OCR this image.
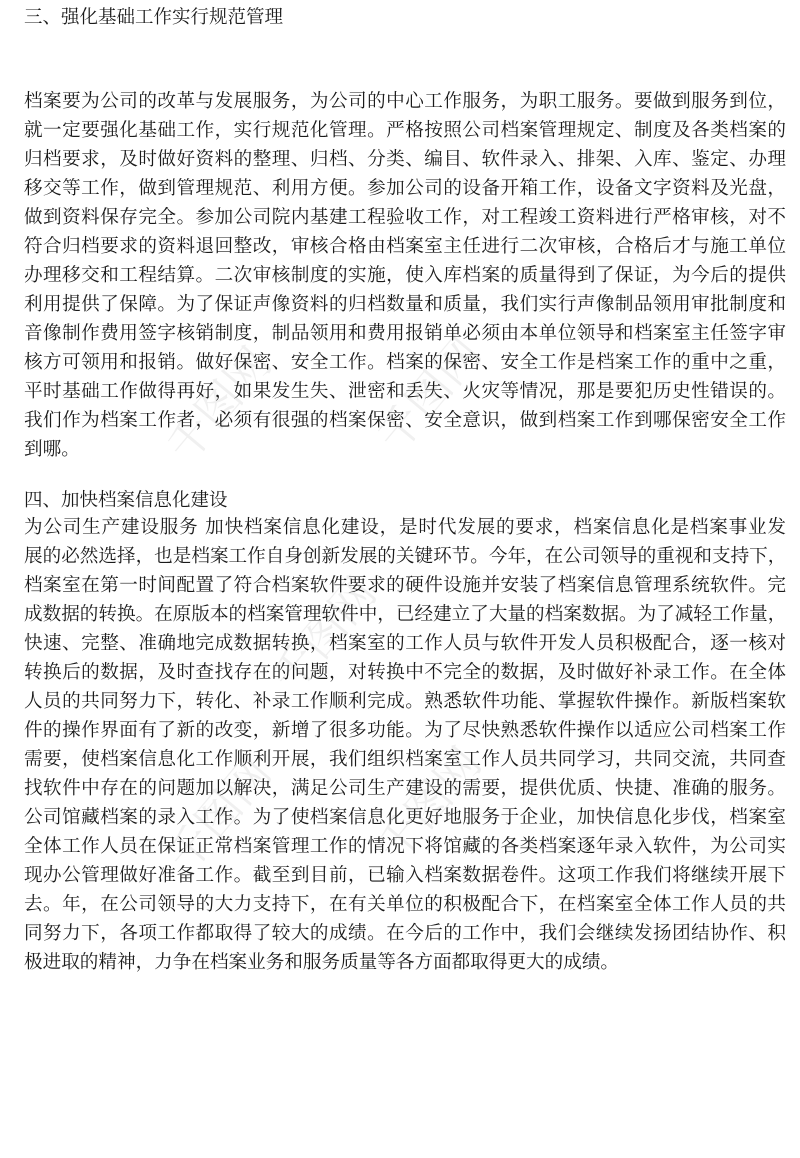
千图网 千图网
千图网
千图网 千图网
三、强化基础工作实行规范管理
档案要为公司的改革与发展服务，为公司的中心工作服务，为职工服务。要做到服务到位，
就一定要强化基础工作，实行规范化管理。严格按照公司档案管理规定、制度及各类档案的
归档要求，及时做好资料的整理、归档、分类、编目、软件录入、排架、入库、鉴定、办理
移交等工作，做到管理规范、利用方便。参加公司的设备开箱工作，设备文字资料及光盘，
做到资料保存完全。参加公司院内基建工程验收工作，对工程竣工资料进行严格审核，对不
符合归档要求的资料退回整改，审核合格由档案室主任进行二次审核，合格后才与施工单位
办理移交和工程结算。二次审核制度的实施，使入库档案的质量得到了保证，为今后的提供
利用提供了保障。为了保证声像资料的归档数量和质量，我们实行声像制品领用审批制度和
音像制作费用签字核销制度，制品领用和费用报销单必须由本单位领导和档案室主任签字审
核方可领用和报销。做好保密、安全工作。档案的保密、安全工作是档案工作的重中之重，
平时基础工作做得再好，如果发生失、泄密和丢失、火灾等情况，那是要犯历史性错误的。
我们作为档案工作者，必须有很强的档案保密、安全意识，做到档案工作到哪保密安全工作
到哪。
四、加快档案信息化建设
为公司生产建设服务 加快档案信息化建设，是时代发展的要求，档案信息化是档案事业发
展的必然选择，也是档案工作自身创新发展的关键环节。今年，在公司领导的重视和支持下，
档案室在第一时间配置了符合档案软件要求的硬件设施并安装了档案信息管理系统软件。完
成数据的转换。在原版本的档案管理软件中，已经建立了大量的档案数据。为了减轻工作量，
快速、完整、准确地完成数据转换，档案室的工作人员与软件开发人员积极配合，逐一核对
转换后的数据，及时查找存在的问题，对转换中不完全的数据，及时做好补录工作。在全体
人员的共同努力下，转化、补录工作顺利完成。熟悉软件功能、掌握软件操作。新版档案软
件的操作界面有了新的改变，新增了很多功能。为了尽快熟悉软件操作以适应公司档案工作
需要，使档案信息化工作顺利开展，我们组织档案室工作人员共同学习，共同交流，共同查
找软件中存在的问题加以解决，满足公司生产建设的需要，提供优质、快捷、准确的服务。
公司馆藏档案的录入工作。为了使档案信息化更好地服务于企业，加快信息化步伐，档案室
全体工作人员在保证正常档案管理工作的情况下将馆藏的各类档案逐年录入软件，为公司实
现办公管理做好准备工作。截至到目前，已输入档案数据卷件。这项工作我们将继续开展下
去。年，在公司领导的大力支持下，在有关单位的积极配合下，在档案室全体工作人员的共
同努力下，各项工作都取得了较大的成绩。在今后的工作中，我们会继续发扬团结协作、积
极进取的精神，力争在档案业务和服务质量等各方面都取得更大的成绩。
